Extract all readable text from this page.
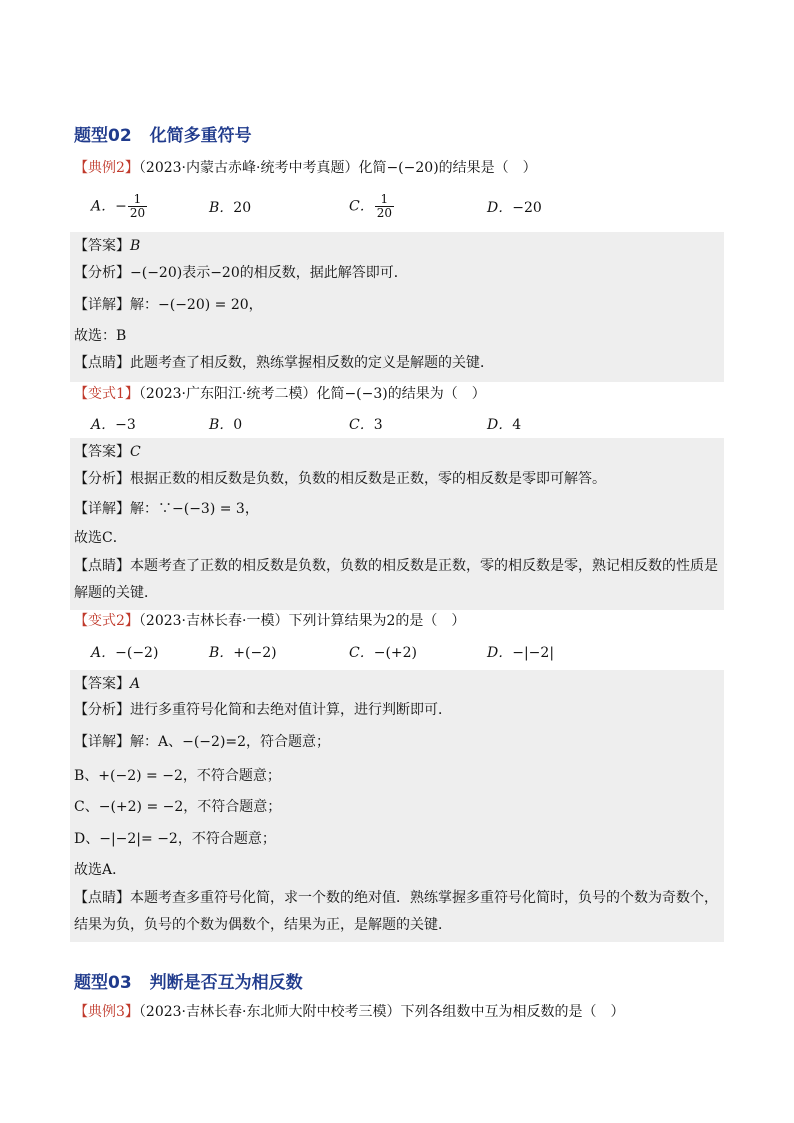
题型02 化简多重符号
【典例2】（2023·内蒙古赤峰·统考中考真题）化简−(−20)的结果是（　）
A．− $\frac{1}{20}$	B．20	C． $\frac{1}{20}$	D．−20
【答案】B
【分析】−(−20)表示−20的相反数，据此解答即可．
【详解】解：−(−20) = 20，
故选：B
【点睛】此题考查了相反数，熟练掌握相反数的定义是解题的关键．
【变式1】（2023·广东阳江·统考二模）化简−(−3)的结果为（　）
A．−3	B．0	C．3	D．4
【答案】C
【分析】根据正数的相反数是负数，负数的相反数是正数，零的相反数是零即可解答。
【详解】解：∵−(−3) = 3，
故选C．
【点睛】本题考查了正数的相反数是负数，负数的相反数是正数，零的相反数是零，熟记相反数的性质是
解题的关键．
【变式2】（2023·吉林长春·一模）下列计算结果为2的是（　）
A．−(−2)	B．+(−2)	C．−(+2)	D．−|−2|
【答案】A
【分析】进行多重符号化简和去绝对值计算，进行判断即可．
【详解】解：A、−(−2)=2，符合题意；
B、+(−2) = −2，不符合题意；
C、−(+2) = −2，不符合题意；
D、−|−2|= −2，不符合题意；
故选A．
【点睛】本题考查多重符号化简，求一个数的绝对值．熟练掌握多重符号化简时，负号的个数为奇数个，
结果为负，负号的个数为偶数个，结果为正，是解题的关键．
题型03 判断是否互为相反数
【典例3】（2023·吉林长春·东北师大附中校考三模）下列各组数中互为相反数的是（　）
